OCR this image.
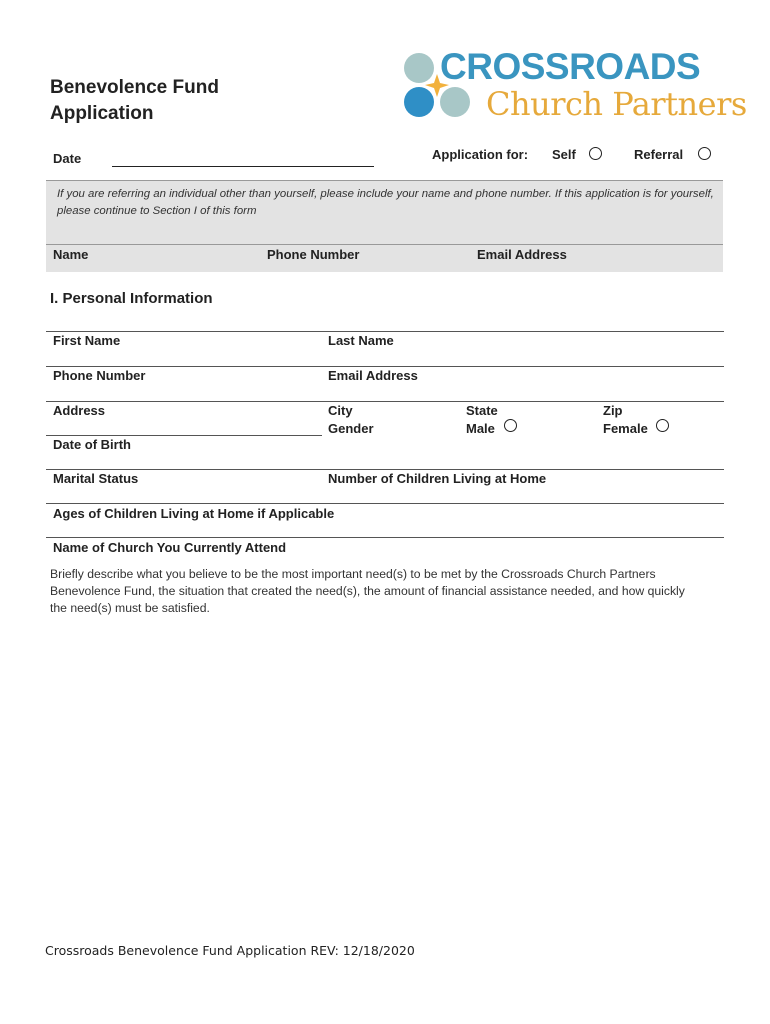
Benevolence Fund
Application
CROSSROADS
Church Partners
Date	Application for: Self	Referral
If you are referring an individual other than yourself, please include your name and phone number. If this application is for yourself, please continue to Section I of this form
Name	Phone Number	Email Address
I. Personal Information
First Name	Last Name
Phone Number	Email Address
Address	City	State	Zip
Gender	Male	Female
Date of Birth
Marital Status	Number of Children Living at Home
Ages of Children Living at Home if Applicable
Name of Church You Currently Attend
Briefly describe what you believe to be the most important need(s) to be met by the Crossroads Church Partners Benevolence Fund, the situation that created the need(s), the amount of financial assistance needed, and how quickly the need(s) must be satisfied.
Crossroads Benevolence Fund Application REV: 12/18/2020
